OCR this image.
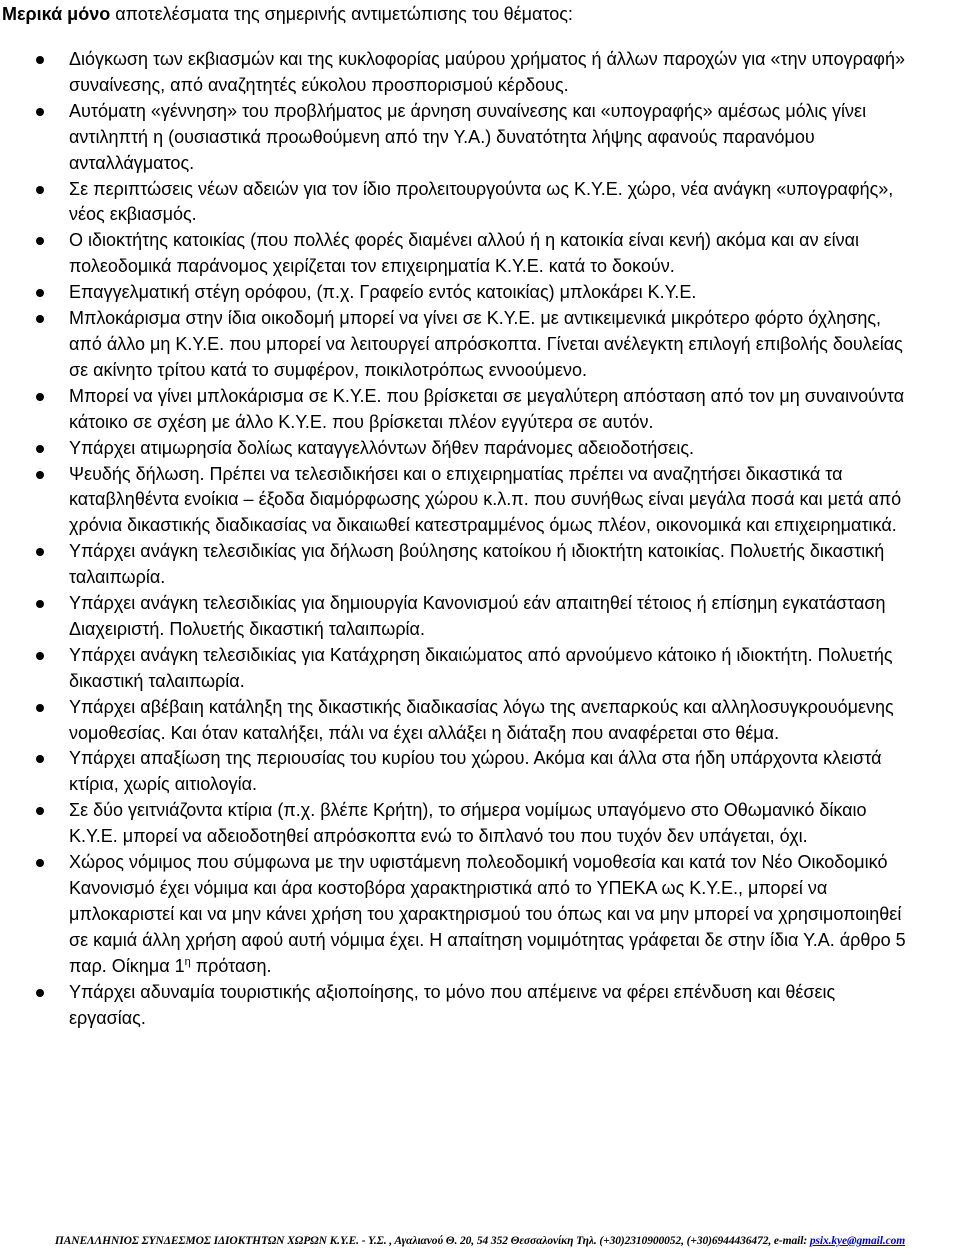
Μερικά μόνο αποτελέσματα της σημερινής αντιμετώπισης του θέματος:
Διόγκωση των εκβιασμών και της κυκλοφορίας μαύρου χρήματος ή άλλων παροχών για «την υπογραφή» συναίνεσης, από αναζητητές εύκολου προσπορισμού κέρδους.
Αυτόματη «γέννηση» του προβλήματος με άρνηση συναίνεσης και «υπογραφής» αμέσως μόλις γίνει αντιληπτή η (ουσιαστικά προωθούμενη από την Υ.Α.) δυνατότητα λήψης αφανούς παρανόμου ανταλλάγματος.
Σε περιπτώσεις νέων αδειών για τον ίδιο προλειτουργούντα ως Κ.Υ.Ε. χώρο, νέα ανάγκη «υπογραφής», νέος εκβιασμός.
Ο ιδιοκτήτης κατοικίας (που πολλές φορές διαμένει αλλού ή η κατοικία είναι κενή) ακόμα και αν είναι πολεοδομικά παράνομος χειρίζεται τον επιχειρηματία Κ.Υ.Ε. κατά το δοκούν.
Επαγγελματική στέγη ορόφου, (π.χ. Γραφείο εντός κατοικίας) μπλοκάρει Κ.Υ.Ε.
Μπλοκάρισμα στην ίδια οικοδομή μπορεί να γίνει σε Κ.Υ.Ε. με αντικειμενικά μικρότερο φόρτο όχλησης, από άλλο μη Κ.Υ.Ε. που μπορεί να λειτουργεί απρόσκοπτα. Γίνεται ανέλεγκτη επιλογή επιβολής δουλείας σε ακίνητο τρίτου κατά το συμφέρον, ποικιλοτρόπως εννοούμενο.
Μπορεί να γίνει μπλοκάρισμα σε Κ.Υ.Ε. που βρίσκεται σε μεγαλύτερη απόσταση από τον μη συναινούντα κάτοικο σε σχέση με άλλο Κ.Υ.Ε. που βρίσκεται πλέον εγγύτερα σε αυτόν.
Υπάρχει ατιμωρησία δολίως καταγγελλόντων δήθεν παράνομες αδειοδοτήσεις.
Ψευδής δήλωση. Πρέπει να τελεσιδικήσει και ο επιχειρηματίας πρέπει να αναζητήσει δικαστικά τα καταβληθέντα ενοίκια – έξοδα διαμόρφωσης χώρου κ.λ.π. που συνήθως είναι μεγάλα ποσά και μετά από χρόνια δικαστικής διαδικασίας να δικαιωθεί κατεστραμμένος όμως πλέον, οικονομικά και επιχειρηματικά.
Υπάρχει ανάγκη τελεσιδικίας για δήλωση βούλησης κατοίκου ή ιδιοκτήτη κατοικίας. Πολυετής δικαστική ταλαιπωρία.
Υπάρχει ανάγκη τελεσιδικίας για δημιουργία Κανονισμού εάν απαιτηθεί τέτοιος ή επίσημη εγκατάσταση Διαχειριστή. Πολυετής δικαστική ταλαιπωρία.
Υπάρχει ανάγκη τελεσιδικίας για Κατάχρηση δικαιώματος από αρνούμενο κάτοικο ή ιδιοκτήτη. Πολυετής δικαστική ταλαιπωρία.
Υπάρχει αβέβαιη κατάληξη της δικαστικής διαδικασίας λόγω της ανεπαρκούς και αλληλοσυγκρουόμενης νομοθεσίας. Και όταν καταλήξει, πάλι να έχει αλλάξει η διάταξη που αναφέρεται στο θέμα.
Υπάρχει απαξίωση της περιουσίας του κυρίου του χώρου. Ακόμα και άλλα στα ήδη υπάρχοντα κλειστά κτίρια, χωρίς αιτιολογία.
Σε δύο γειτνιάζοντα κτίρια (π.χ. βλέπε Κρήτη), το σήμερα νομίμως υπαγόμενο στο Οθωμανικό δίκαιο Κ.Υ.Ε. μπορεί να αδειοδοτηθεί απρόσκοπτα ενώ το διπλανό του που τυχόν δεν υπάγεται, όχι.
Χώρος νόμιμος που σύμφωνα με την υφιστάμενη πολεοδομική νομοθεσία και κατά τον Νέο Οικοδομικό Κανονισμό έχει νόμιμα και άρα κοστοβόρα χαρακτηριστικά από το ΥΠΕΚΑ ως Κ.Υ.Ε., μπορεί να μπλοκαριστεί και να μην κάνει χρήση του χαρακτηρισμού του όπως και να μην μπορεί να χρησιμοποιηθεί σε καμιά άλλη χρήση αφού αυτή νόμιμα έχει. Η απαίτηση νομιμότητας γράφεται δε στην ίδια Υ.Α. άρθρο 5 παρ. Οίκημα $1^\eta$ πρόταση.
Υπάρχει αδυναμία τουριστικής αξιοποίησης, το μόνο που απέμεινε να φέρει επένδυση και θέσεις εργασίας.
ΠΑΝΕΛΛΗΝΙΟΣ ΣΥΝΔΕΣΜΟΣ ΙΔΙΟΚΤΗΤΩΝ ΧΩΡΩΝ Κ.Υ.Ε. - Υ.Σ. , Αγαλιανού Θ. 20, 54 352 Θεσσαλονίκη Τηλ. (+30)2310900052, (+30)6944436472, e-mail: psix.kye@gmail.com
